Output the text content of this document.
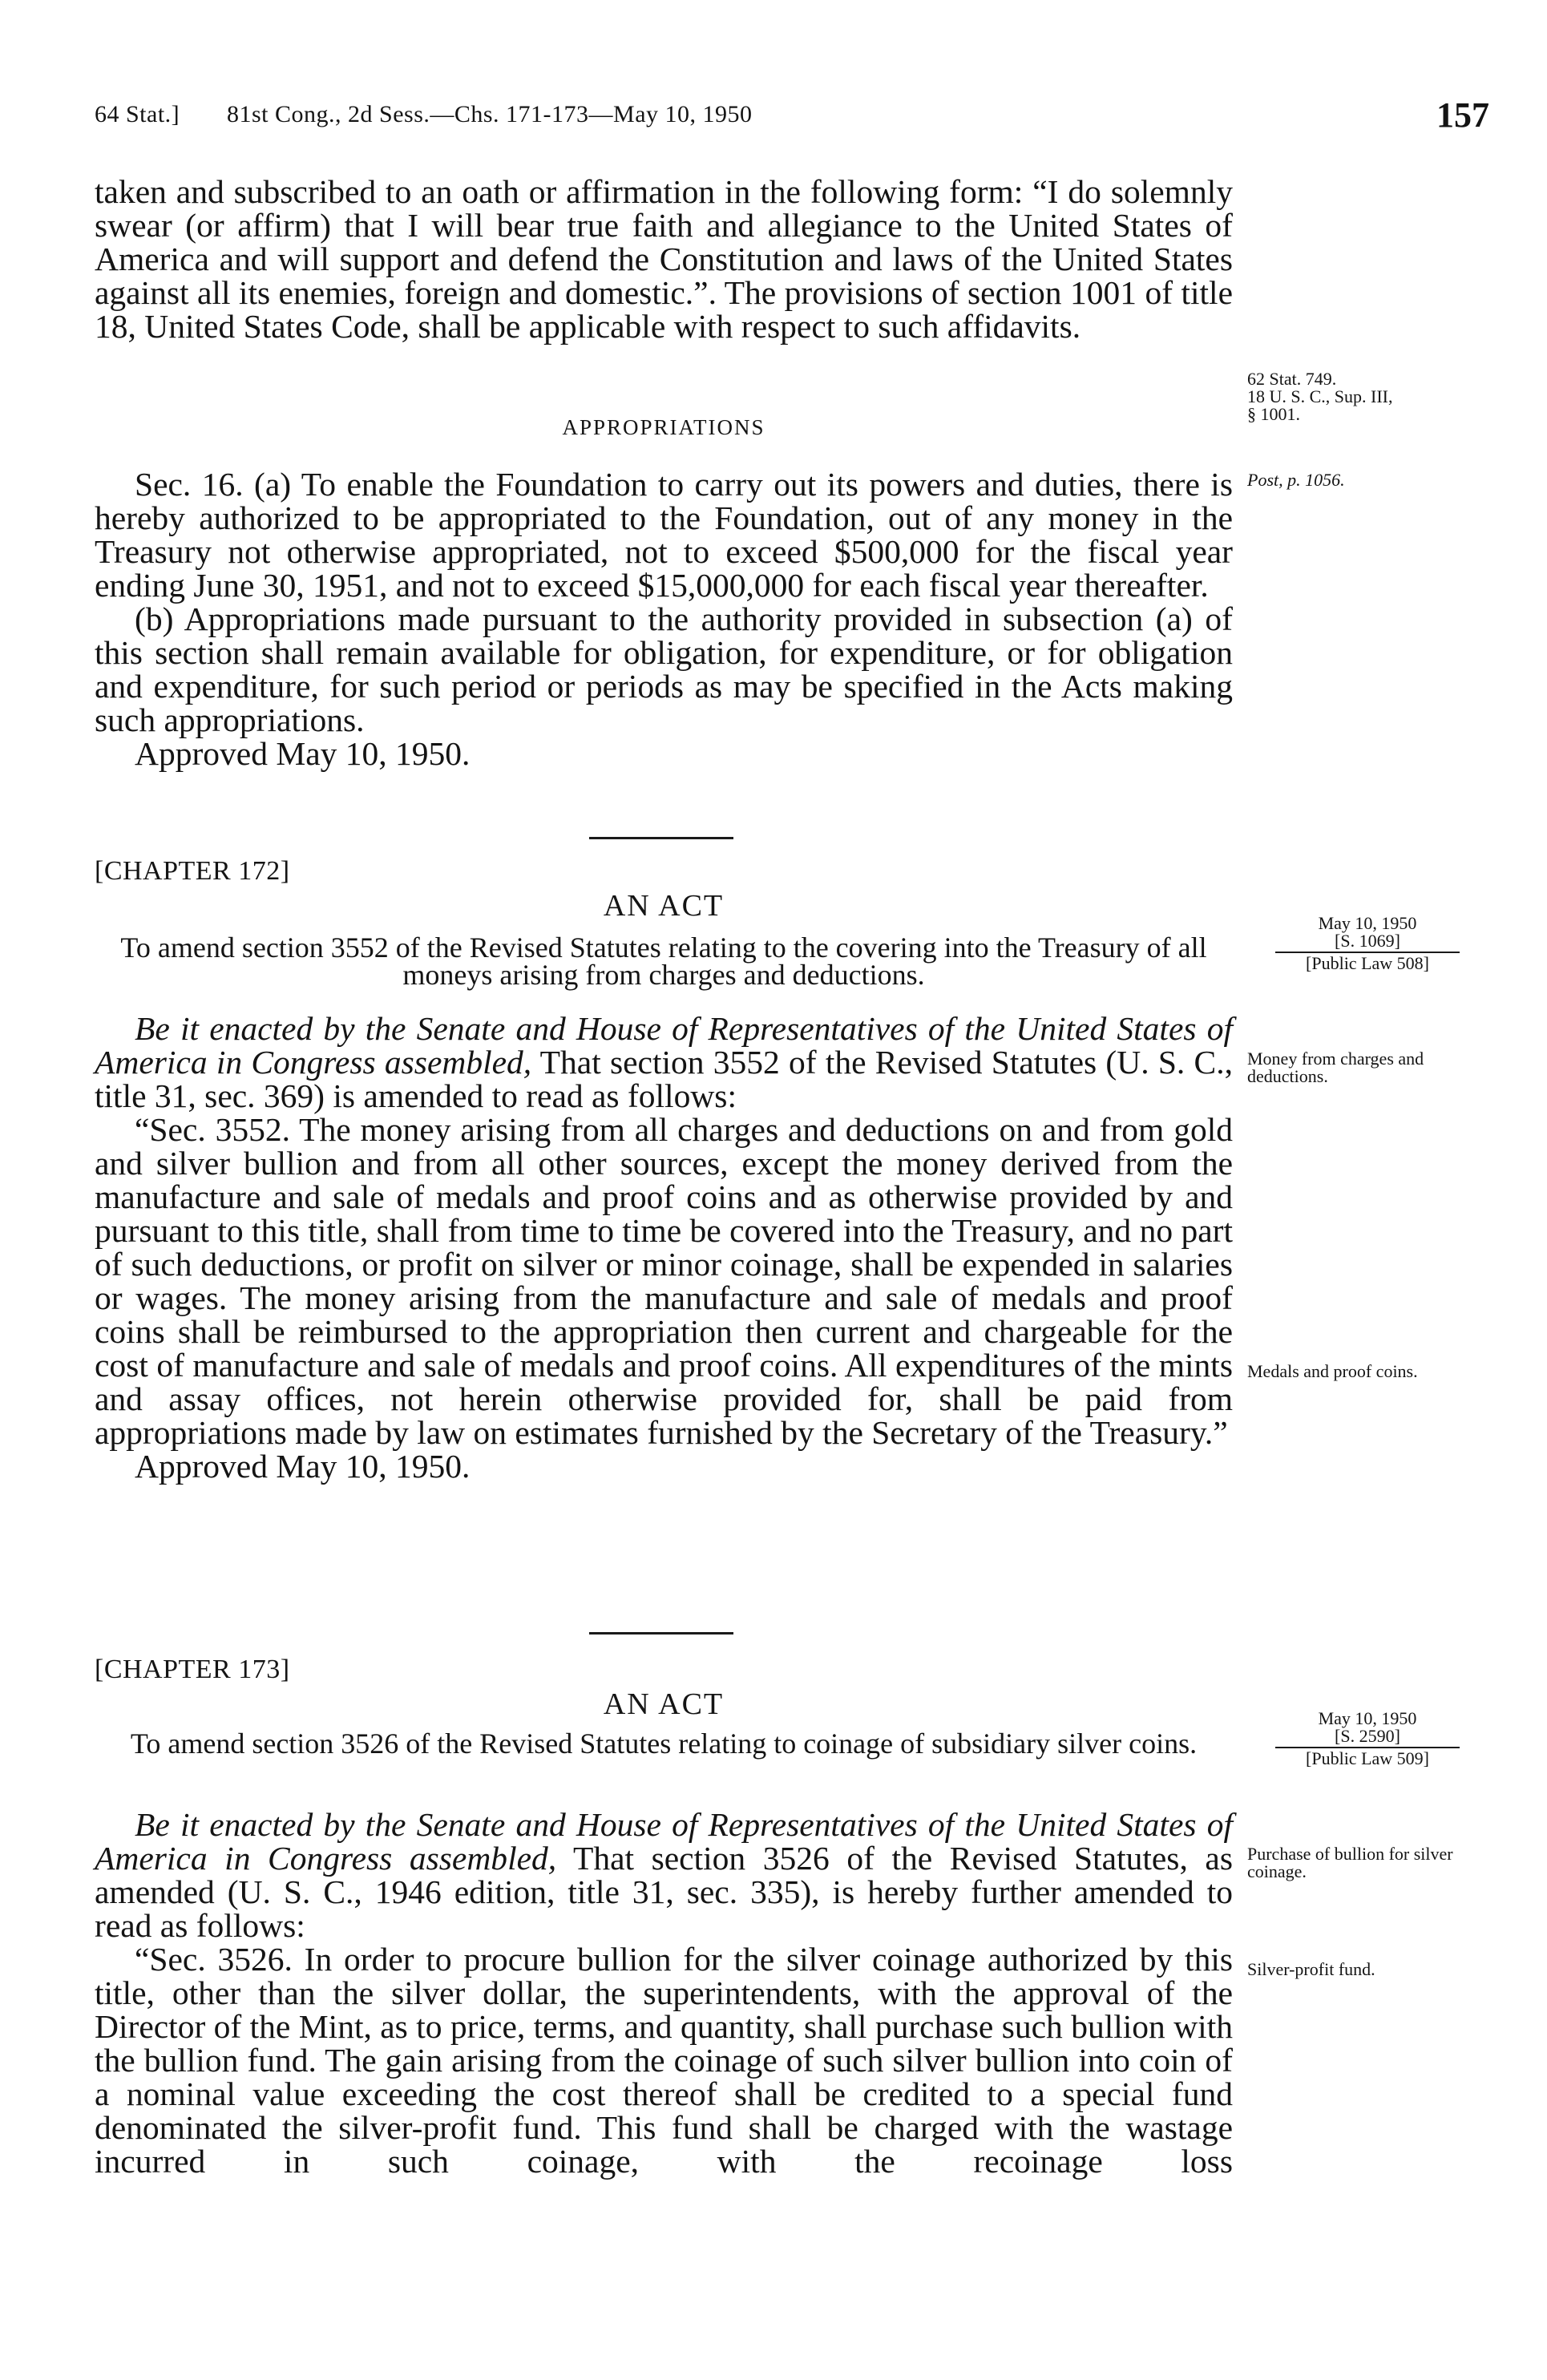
64 Stat.] 81st Cong., 2d Sess.—Chs. 171-173—May 10, 1950	157

taken and subscribed to an oath or affirmation in the following form: “I do solemnly swear (or affirm) that I will bear true faith and allegiance to the United States of America and will support and defend the Constitution and laws of the United States against all its enemies, foreign and domestic.”. The provisions of section 1001 of title 18, United States Code, shall be applicable with respect to such affidavits.

APPROPRIATIONS

Sec. 16. (a) To enable the Foundation to carry out its powers and duties, there is hereby authorized to be appropriated to the Foundation, out of any money in the Treasury not otherwise appropriated, not to exceed $500,000 for the fiscal year ending June 30, 1951, and not to exceed $15,000,000 for each fiscal year thereafter.

(b) Appropriations made pursuant to the authority provided in subsection (a) of this section shall remain available for obligation, for expenditure, or for obligation and expenditure, for such period or periods as may be specified in the Acts making such appropriations.

Approved May 10, 1950.

[CHAPTER 172]
AN ACT

To amend section 3552 of the Revised Statutes relating to the covering into the Treasury of all moneys arising from charges and deductions.

Be it enacted by the Senate and House of Representatives of the United States of America in Congress assembled, That section 3552 of the Revised Statutes (U. S. C., title 31, sec. 369) is amended to read as follows:

“Sec. 3552. The money arising from all charges and deductions on and from gold and silver bullion and from all other sources, except the money derived from the manufacture and sale of medals and proof coins and as otherwise provided by and pursuant to this title, shall from time to time be covered into the Treasury, and no part of such deductions, or profit on silver or minor coinage, shall be expended in salaries or wages. The money arising from the manufacture and sale of medals and proof coins shall be reimbursed to the appropriation then current and chargeable for the cost of manufacture and sale of medals and proof coins. All expenditures of the mints and assay offices, not herein otherwise provided for, shall be paid from appropriations made by law on estimates furnished by the Secretary of the Treasury.”

Approved May 10, 1950.

[CHAPTER 173]
AN ACT

To amend section 3526 of the Revised Statutes relating to coinage of subsidiary silver coins.

Be it enacted by the Senate and House of Representatives of the United States of America in Congress assembled, That section 3526 of the Revised Statutes, as amended (U. S. C., 1946 edition, title 31, sec. 335), is hereby further amended to read as follows:

“Sec. 3526. In order to procure bullion for the silver coinage authorized by this title, other than the silver dollar, the superintendents, with the approval of the Director of the Mint, as to price, terms, and quantity, shall purchase such bullion with the bullion fund. The gain arising from the coinage of such silver bullion into coin of a nominal value exceeding the cost thereof shall be credited to a special fund denominated the silver-profit fund. This fund shall be charged with the wastage incurred in such coinage, with the recoinage loss

62 Stat. 749.
18 U. S. C., Sup. III,
§ 1001.
Post, p. 1056.
May 10, 1950
[S. 1069]
[Public Law 508]
Money from charges and deductions.
Medals and proof coins.
May 10, 1950
[S. 2590]
[Public Law 509]
Purchase of bullion for silver coinage.
Silver-profit fund.
